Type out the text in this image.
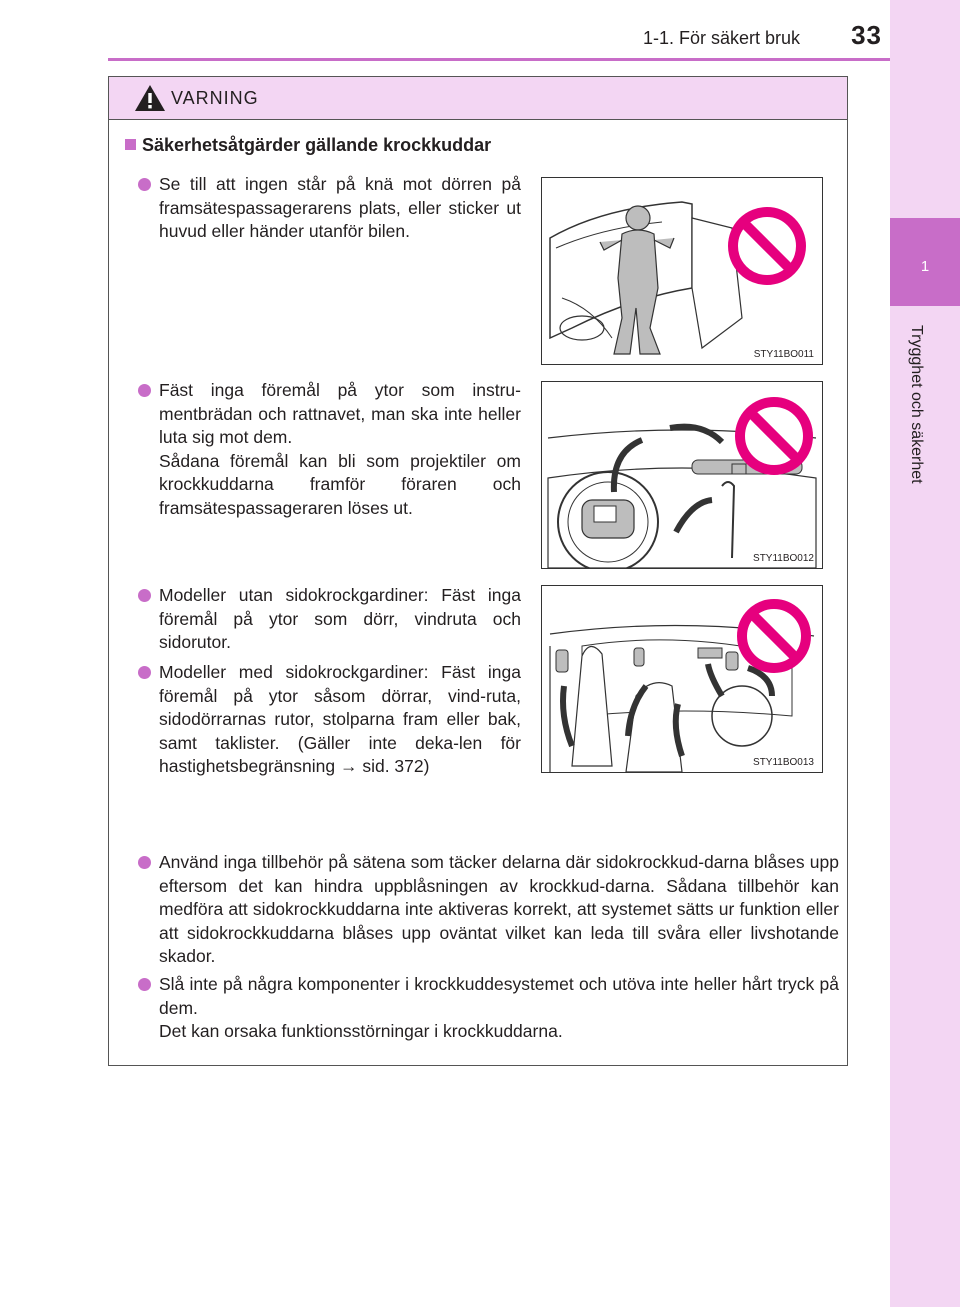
1
Trygghet och säkerhet
1-1. För säkert bruk	33
VARNING
Säkerhetsåtgärder gällande krockkuddar

Se till att ingen står på knä mot dörren på framsätespassagerarens plats, eller sticker ut huvud eller händer utanför bilen.

Fäst inga föremål på ytor som instru-mentbrädan och rattnavet, man ska inte heller luta sig mot dem.

Sådana föremål kan bli som projektiler om krockkuddarna framför föraren och framsätespassageraren löses ut.

Modeller utan sidokrockgardiner: Fäst inga föremål på ytor som dörr, vindruta och sidorutor.

Modeller med sidokrockgardiner: Fäst inga föremål på ytor såsom dörrar, vind-ruta, sidodörrarnas rutor, stolparna fram eller bak, samt taklister. (Gäller inte deka-len för hastighetsbegränsning → sid. 372)

Använd inga tillbehör på sätena som täcker delarna där sidokrockkud-darna blåses upp eftersom det kan hindra uppblåsningen av krockkud-darna. Sådana tillbehör kan medföra att sidokrockkuddarna inte aktiveras korrekt, att systemet sätts ur funktion eller att sidokrockkuddarna blåses upp oväntat vilket kan leda till svåra eller livshotande skador.

Slå inte på några komponenter i krockkuddesystemet och utöva inte heller hårt tryck på dem.

Det kan orsaka funktionsstörningar i krockkuddarna.

STY11BO011
STY11BO012
STY11BO013
